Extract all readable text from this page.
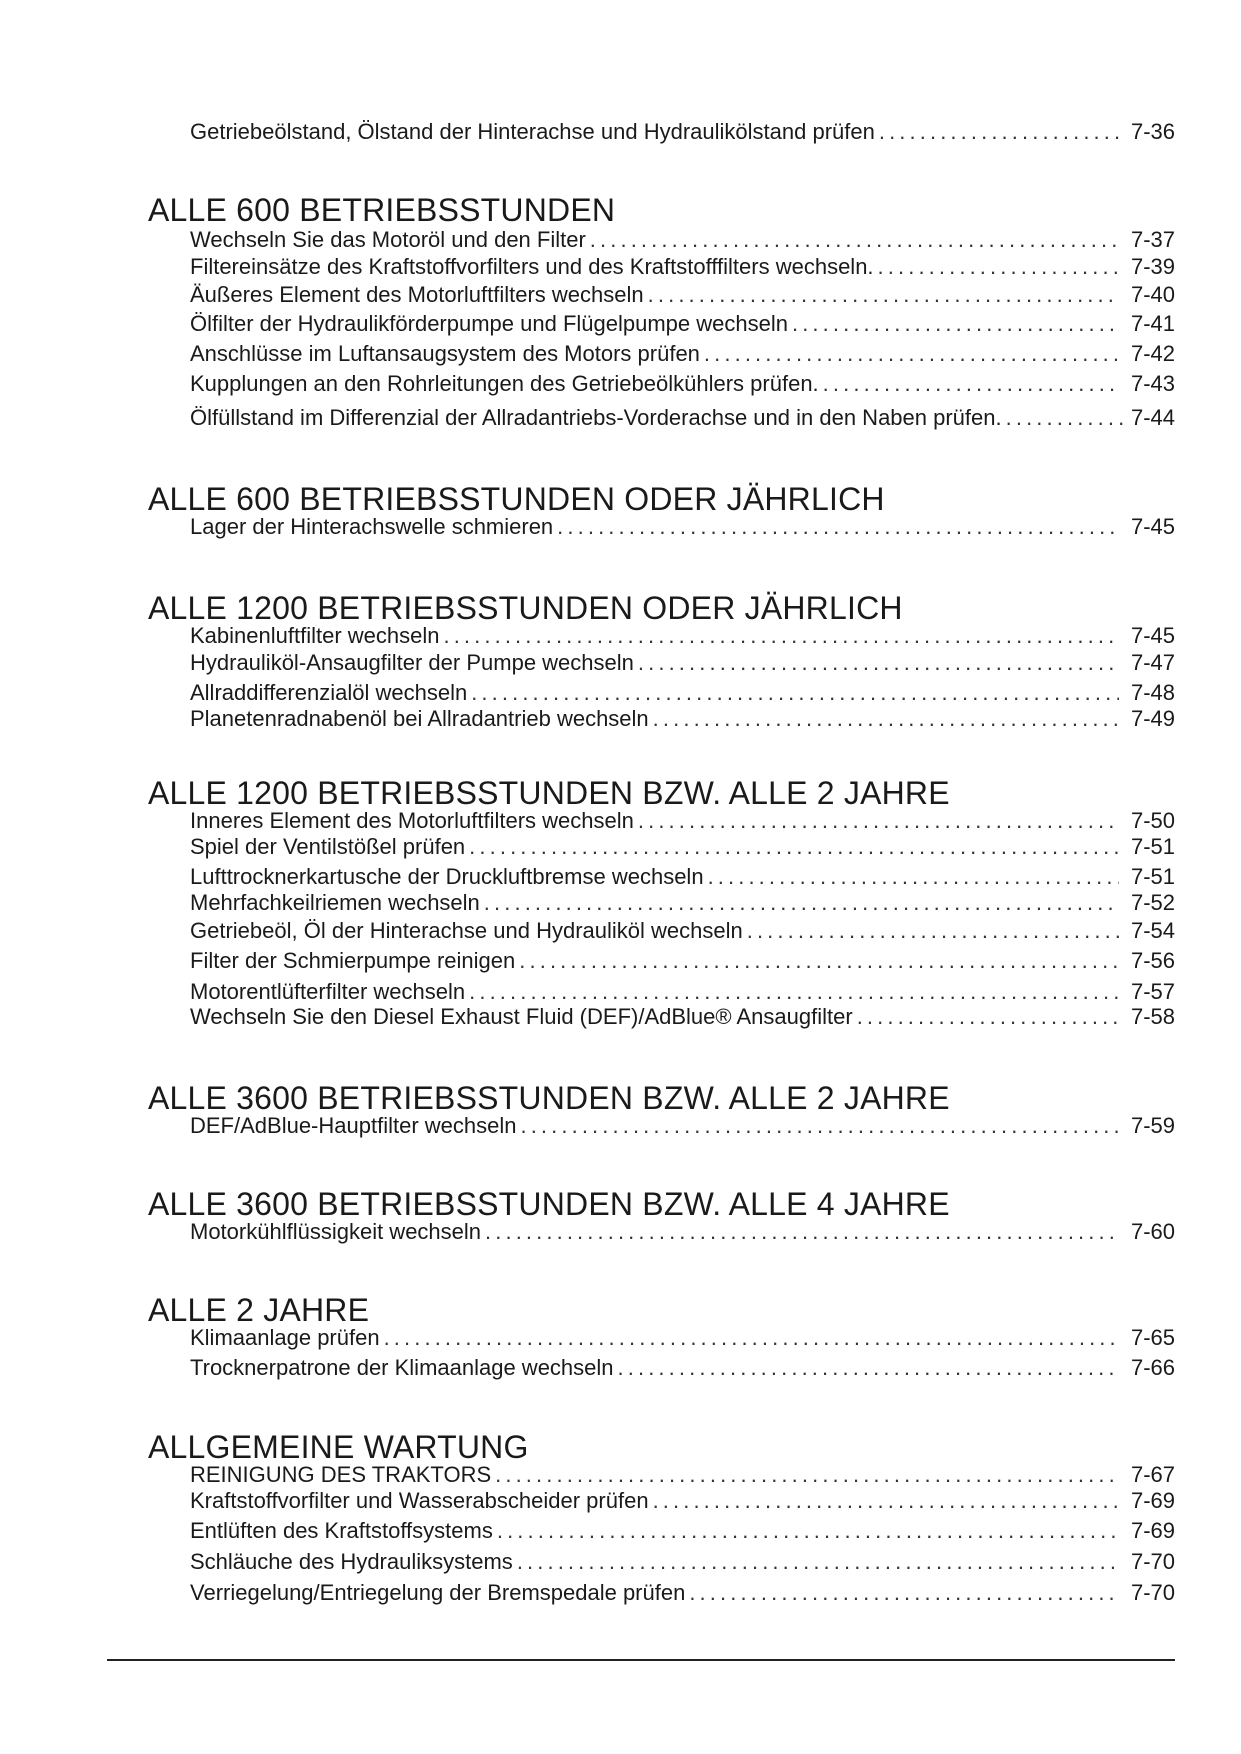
Getriebeölstand, Ölstand der Hinterachse und Hydraulikölstand prüfen . . .	7-36
ALLE 600 BETRIEBSSTUNDEN
Wechseln Sie das Motoröl und den Filter . . .	7-37
Filtereinsätze des Kraftstoffvorfilters und des Kraftstofffilters wechseln. . . .	7-39
Äußeres Element des Motorluftfilters wechseln . . .	7-40
Ölfilter der Hydraulikförderpumpe und Flügelpumpe wechseln . . .	7-41
Anschlüsse im Luftansaugsystem des Motors prüfen . . .	7-42
Kupplungen an den Rohrleitungen des Getriebeölkühlers prüfen. . . .	7-43
Ölfüllstand im Differenzial der Allradantriebs-Vorderachse und in den Naben prüfen. . . .	7-44
ALLE 600 BETRIEBSSTUNDEN ODER JÄHRLICH
Lager der Hinterachswelle schmieren . . .	7-45
ALLE 1200 BETRIEBSSTUNDEN ODER JÄHRLICH
Kabinenluftfilter wechseln . . .	7-45
Hydrauliköl-Ansaugfilter der Pumpe wechseln . . .	7-47
Allraddifferenzialöl wechseln . . .	7-48
Planetenradnabenöl bei Allradantrieb wechseln . . .	7-49
ALLE 1200 BETRIEBSSTUNDEN BZW. ALLE 2 JAHRE
Inneres Element des Motorluftfilters wechseln . . .	7-50
Spiel der Ventilstößel prüfen . . .	7-51
Lufttrocknerkartusche der Druckluftbremse wechseln . . .	7-51
Mehrfachkeilriemen wechseln . . .	7-52
Getriebeöl, Öl der Hinterachse und Hydrauliköl wechseln . . .	7-54
Filter der Schmierpumpe reinigen . . .	7-56
Motorentlüfterfilter wechseln . . .	7-57
Wechseln Sie den Diesel Exhaust Fluid (DEF)/AdBlue® Ansaugfilter . . .	7-58
ALLE 3600 BETRIEBSSTUNDEN BZW. ALLE 2 JAHRE
DEF/AdBlue-Hauptfilter wechseln . . .	7-59
ALLE 3600 BETRIEBSSTUNDEN BZW. ALLE 4 JAHRE
Motorkühlflüssigkeit wechseln . . .	7-60
ALLE 2 JAHRE
Klimaanlage prüfen . . .	7-65
Trocknerpatrone der Klimaanlage wechseln . . .	7-66
ALLGEMEINE WARTUNG
REINIGUNG DES TRAKTORS . . .	7-67
Kraftstoffvorfilter und Wasserabscheider prüfen . . .	7-69
Entlüften des Kraftstoffsystems . . .	7-69
Schläuche des Hydrauliksystems . . .	7-70
Verriegelung/Entriegelung der Bremspedale prüfen . . .	7-70
